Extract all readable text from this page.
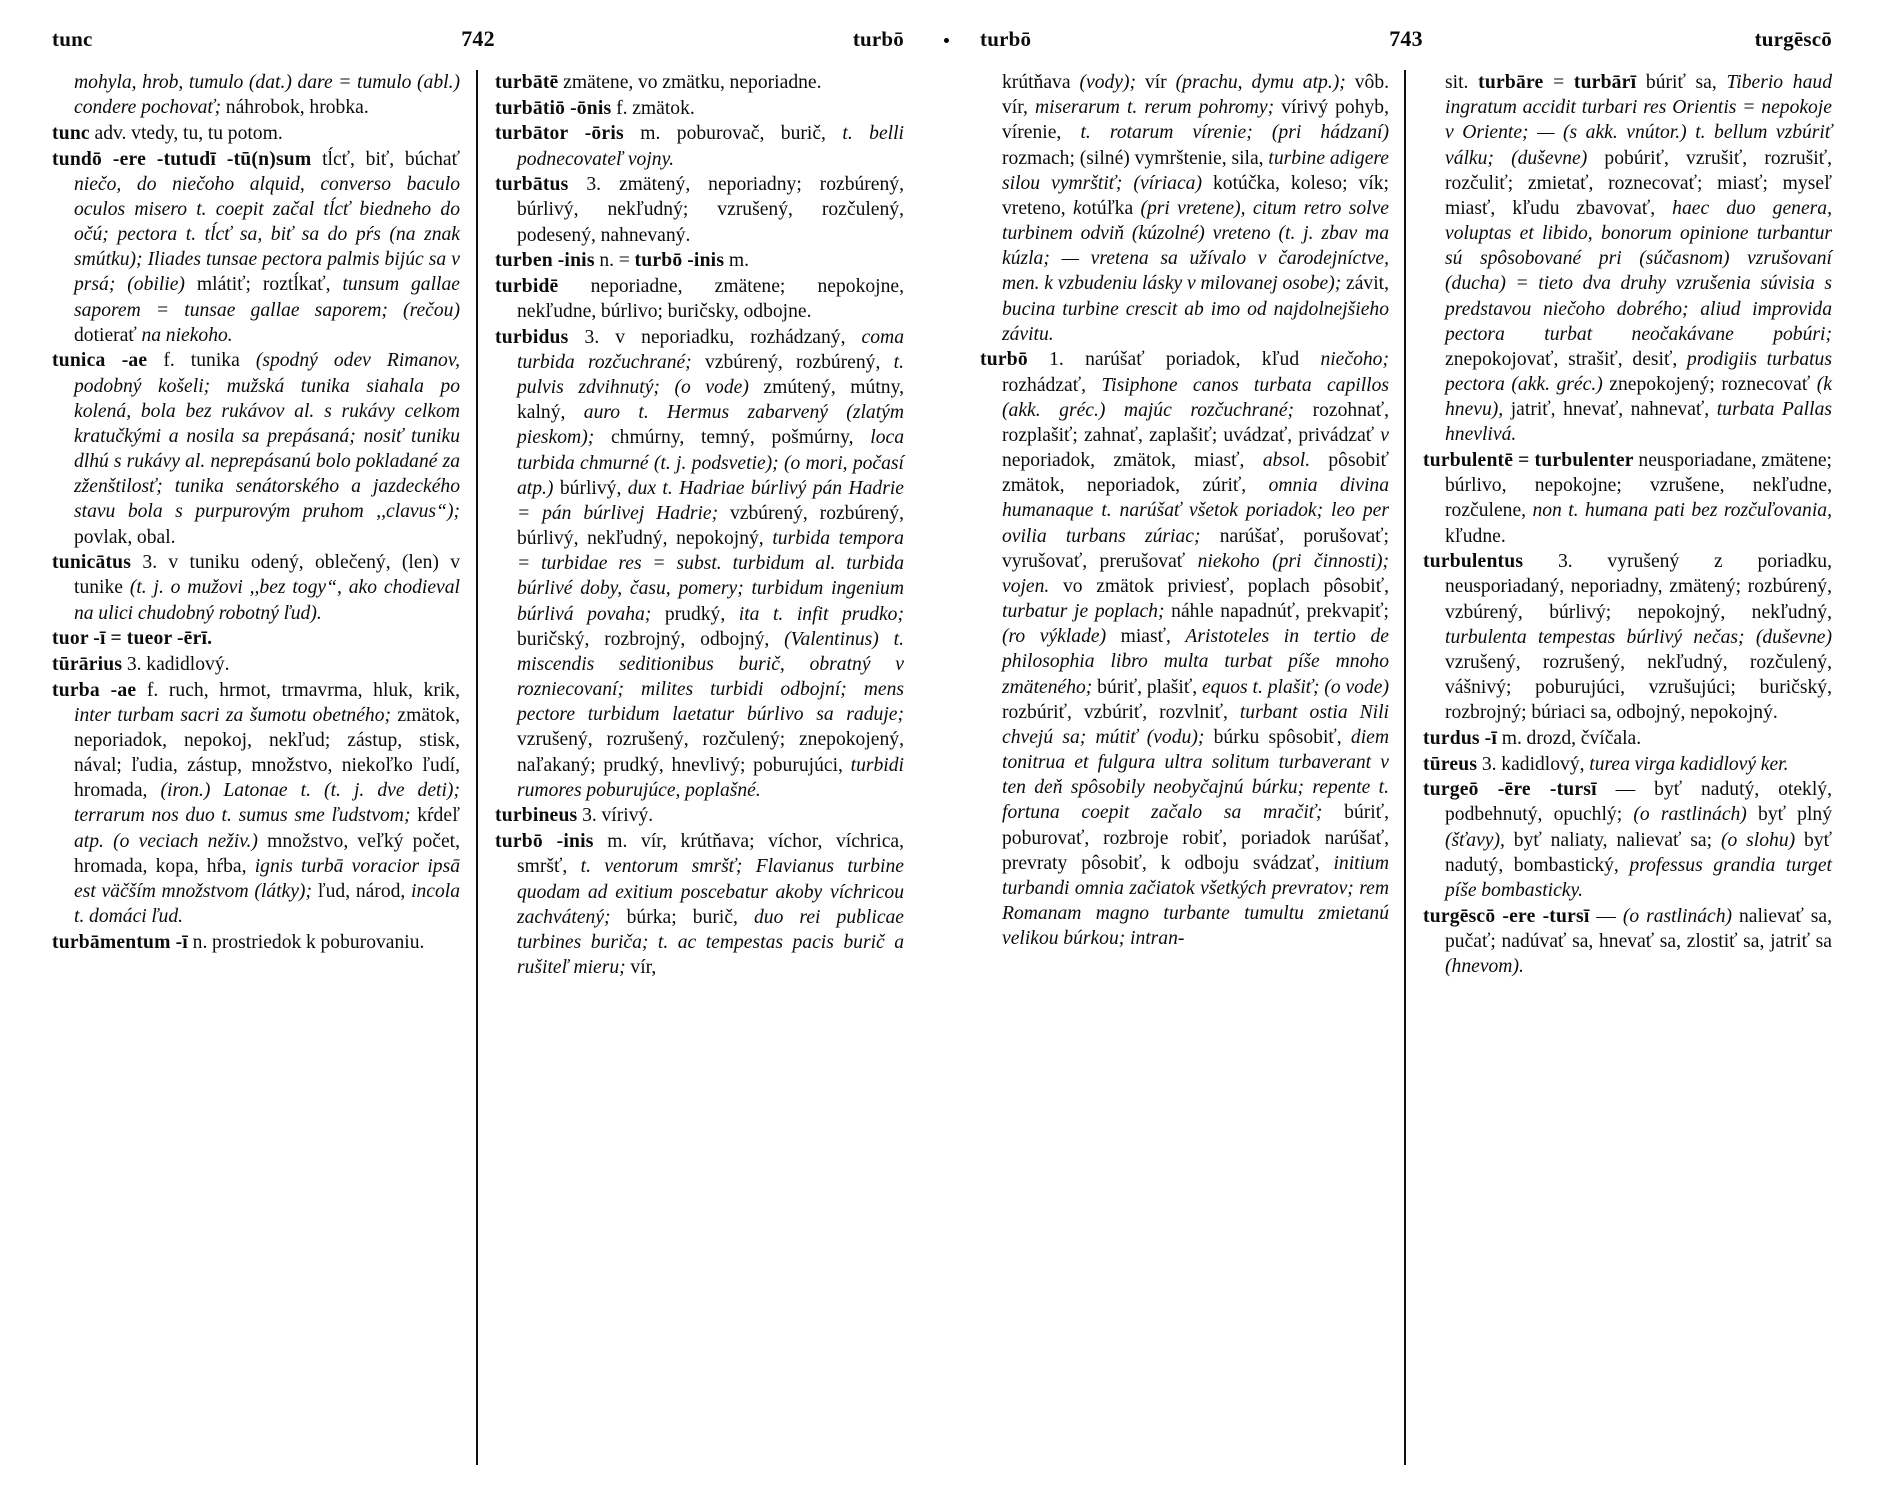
tunc	742	turbō

mohyla, hrob, tumulo (dat.) dare = tumulo (abl.) condere pochovať; náhrobok, hrobka.

tunc adv. vtedy, tu, tu potom.

tundō -ere -tutudī -tū(n)sum tĺcť, biť, búchať niečo, do niečoho alquid, converso baculo oculos misero t. coepit začal tĺcť biedneho do očú; pectora t. tĺcť sa, biť sa do pŕs (na znak smútku); Iliades tunsae pectora palmis bijúc sa v prsá; (obilie) mlátiť; roztĺkať, tunsum gallae saporem = tunsae gallae saporem; (rečou) dotierať na niekoho.

tunica -ae f. tunika (spodný odev Rimanov, podobný košeli; mužská tunika siahala po kolená, bola bez rukávov al. s rukávy celkom kratučkými a nosila sa prepásaná; nosiť tuniku dlhú s rukávy al. neprepásanú bolo pokladané za zženštilosť; tunika senátorského a jazdeckého stavu bola s purpurovým pruhom ,,clavus“); povlak, obal.

tunicātus 3. v tuniku odený, oblečený, (len) v tunike (t. j. o mužovi ,,bez togy“, ako chodieval na ulici chudobný robotný ľud).

tuor -ī = tueor -ērī.

tūrārius 3. kadidlový.

turba -ae f. ruch, hrmot, trmavrma, hluk, krik, inter turbam sacri za šumotu obetného; zmätok, neporiadok, nepokoj, nekľud; zástup, stisk, nával; ľudia, zástup, množstvo, niekoľko ľudí, hromada, (iron.) Latonae t. (t. j. dve deti); terrarum nos duo t. sumus sme ľudstvom; kŕdeľ atp. (o veciach neživ.) množstvo, veľký počet, hromada, kopa, hŕba, ignis turbā voracior ipsā est väčším množstvom (látky); ľud, národ, incola t. domáci ľud.

turbāmentum -ī n. prostriedok k poburovaniu.

turbātē zmätene, vo zmätku, neporiadne.

turbātiō -ōnis f. zmätok.

turbātor -ōris m. poburovač, burič, t. belli podnecovateľ vojny.

turbātus 3. zmätený, neporiadny; rozbúrený, búrlivý, nekľudný; vzrušený, rozčulený, podesený, nahnevaný.

turben -inis n. = turbō -inis m.

turbidē neporiadne, zmätene; nepokojne, nekľudne, búrlivo; buričsky, odbojne.

turbidus 3. v neporiadku, rozhádzaný, coma turbida rozčuchrané; vzbúrený, rozbúrený, t. pulvis zdvihnutý; (o vode) zmútený, mútny, kalný, auro t. Hermus zabarvený (zlatým pieskom); chmúrny, temný, pošmúrny, loca turbida chmurné (t. j. podsvetie); (o mori, počasí atp.) búrlivý, dux t. Hadriae búrlivý pán Hadrie = pán búrlivej Hadrie; vzbúrený, rozbúrený, búrlivý, nekľudný, nepokojný, turbida tempora = turbidae res = subst. turbidum al. turbida búrlivé doby, času, pomery; turbidum ingenium búrlivá povaha; prudký, ita t. infit prudko; buričský, rozbrojný, odbojný, (Valentinus) t. miscendis seditionibus burič, obratný v rozniecovaní; milites turbidi odbojní; mens pectore turbidum laetatur búrlivo sa raduje; vzrušený, rozrušený, rozčulený; znepokojený, naľakaný; prudký, hnevlivý; poburujúci, turbidi rumores poburujúce, poplašné.

turbineus 3. vírivý.

turbō -inis m. vír, krútňava; víchor, víchrica, smršť, t. ventorum smršť; Flavianus turbine quodam ad exitium poscebatur akoby víchricou zachvátený; búrka; burič, duo rei publicae turbines buriča; t. ac tempestas pacis burič a rušiteľ mieru; vír,

turbō	743	turgēscō

krútňava (vody); vír (prachu, dymu atp.); vôb. vír, miserarum t. rerum pohromy; vírivý pohyb, vírenie, t. rotarum vírenie; (pri hádzaní) rozmach; (silné) vymrštenie, sila, turbine adigere silou vymrštiť; (víriaca) kotúčka, koleso; vík; vreteno, kotúľka (pri vretene), citum retro solve turbinem odviň (kúzolné) vreteno (t. j. zbav ma kúzla; — vretena sa užívalo v čarodejníctve, men. k vzbudeniu lásky v milovanej osobe); závit, bucina turbine crescit ab imo od najdolnejšieho závitu.

turbō 1. narúšať poriadok, kľud niečoho; rozhádzať, Tisiphone canos turbata capillos (akk. gréc.) majúc rozčuchrané; rozohnať, rozplašiť; zahnať, zaplašiť; uvádzať, privádzať v neporiadok, zmätok, miasť, absol. pôsobiť zmätok, neporiadok, zúriť, omnia divina humanaque t. narúšať všetok poriadok; leo per ovilia turbans zúriac; narúšať, porušovať; vyrušovať, prerušovať niekoho (pri činnosti); vojen. vo zmätok priviesť, poplach pôsobiť, turbatur je poplach; náhle napadnúť, prekvapiť; (ro výklade) miasť, Aristoteles in tertio de philosophia libro multa turbat píše mnoho zmäteného; búriť, plašiť, equos t. plašiť; (o vode) rozbúriť, vzbúriť, rozvlniť, turbant ostia Nili chvejú sa; mútiť (vodu); búrku spôsobiť, diem tonitrua et fulgura ultra solitum turbaverant v ten deň spôsobily neobyčajnú búrku; repente t. fortuna coepit začalo sa mračiť; búriť, poburovať, rozbroje robiť, poriadok narúšať, prevraty pôsobiť, k odboju svádzať, initium turbandi omnia začiatok všetkých prevratov; rem Romanam magno turbante tumultu zmietanú velikou búrkou; intran-

sit. turbāre = turbārī búriť sa, Tiberio haud ingratum accidit turbari res Orientis = nepokoje v Oriente; — (s akk. vnútor.) t. bellum vzbúriť válku; (duševne) pobúriť, vzrušiť, rozrušiť, rozčuliť; zmietať, roznecovať; miasť; myseľ miasť, kľudu zbavovať, haec duo genera, voluptas et libido, bonorum opinione turbantur sú spôsobované pri (súčasnom) vzrušovaní (ducha) = tieto dva druhy vzrušenia súvisia s predstavou niečoho dobrého; aliud improvida pectora turbat neočakávane pobúri; znepokojovať, strašiť, desiť, prodigiis turbatus pectora (akk. gréc.) znepokojený; roznecovať (k hnevu), jatriť, hnevať, nahnevať, turbata Pallas hnevlivá.

turbulentē = turbulenter neusporiadane, zmätene; búrlivo, nepokojne; vzrušene, nekľudne, rozčulene, non t. humana pati bez rozčuľovania, kľudne.

turbulentus 3. vyrušený z poriadku, neusporiadaný, neporiadny, zmätený; rozbúrený, vzbúrený, búrlivý; nepokojný, nekľudný, turbulenta tempestas búrlivý nečas; (duševne) vzrušený, rozrušený, nekľudný, rozčulený, vášnivý; poburujúci, vzrušujúci; buričský, rozbrojný; búriaci sa, odbojný, nepokojný.

turdus -ī m. drozd, čvíčala.

tūreus 3. kadidlový, turea virga kadidlový ker.

turgeō -ēre -tursī — byť nadutý, oteklý, podbehnutý, opuchlý; (o rastlinách) byť plný (šťavy), byť naliaty, nalievať sa; (o slohu) byť nadutý, bombastický, professus grandia turget píše bombasticky.

turgēscō -ere -tursī — (o rastlinách) nalievať sa, pučať; nadúvať sa, hnevať sa, zlostiť sa, jatriť sa (hnevom).
